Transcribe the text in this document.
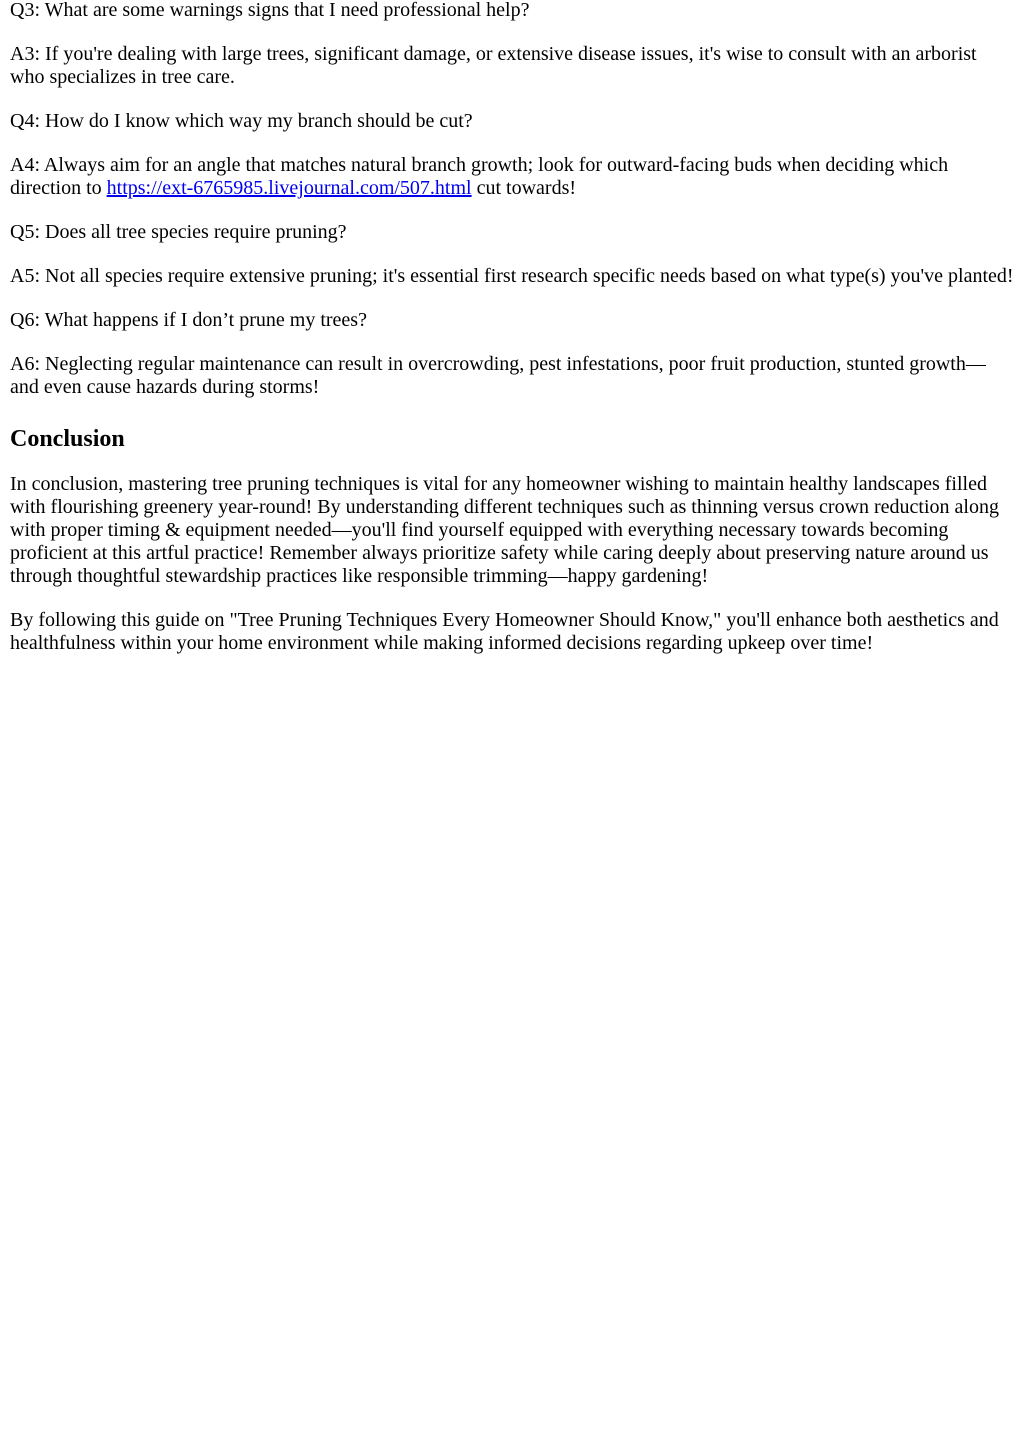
Q3: What are some warnings signs that I need professional help?

A3: If you're dealing with large trees, significant damage, or extensive disease issues, it's wise to consult with an arborist who specializes in tree care.

Q4: How do I know which way my branch should be cut?

A4: Always aim for an angle that matches natural branch growth; look for outward-facing buds when deciding which direction to https://ext-6765985.livejournal.com/507.html cut towards!

Q5: Does all tree species require pruning?

A5: Not all species require extensive pruning; it's essential first research specific needs based on what type(s) you've planted!

Q6: What happens if I don’t prune my trees?

A6: Neglecting regular maintenance can result in overcrowding, pest infestations, poor fruit production, stunted growth—and even cause hazards during storms!

Conclusion

In conclusion, mastering tree pruning techniques is vital for any homeowner wishing to maintain healthy landscapes filled with flourishing greenery year-round! By understanding different techniques such as thinning versus crown reduction along with proper timing & equipment needed—you'll find yourself equipped with everything necessary towards becoming proficient at this artful practice! Remember always prioritize safety while caring deeply about preserving nature around us through thoughtful stewardship practices like responsible trimming—happy gardening!

By following this guide on "Tree Pruning Techniques Every Homeowner Should Know," you'll enhance both aesthetics and healthfulness within your home environment while making informed decisions regarding upkeep over time!
